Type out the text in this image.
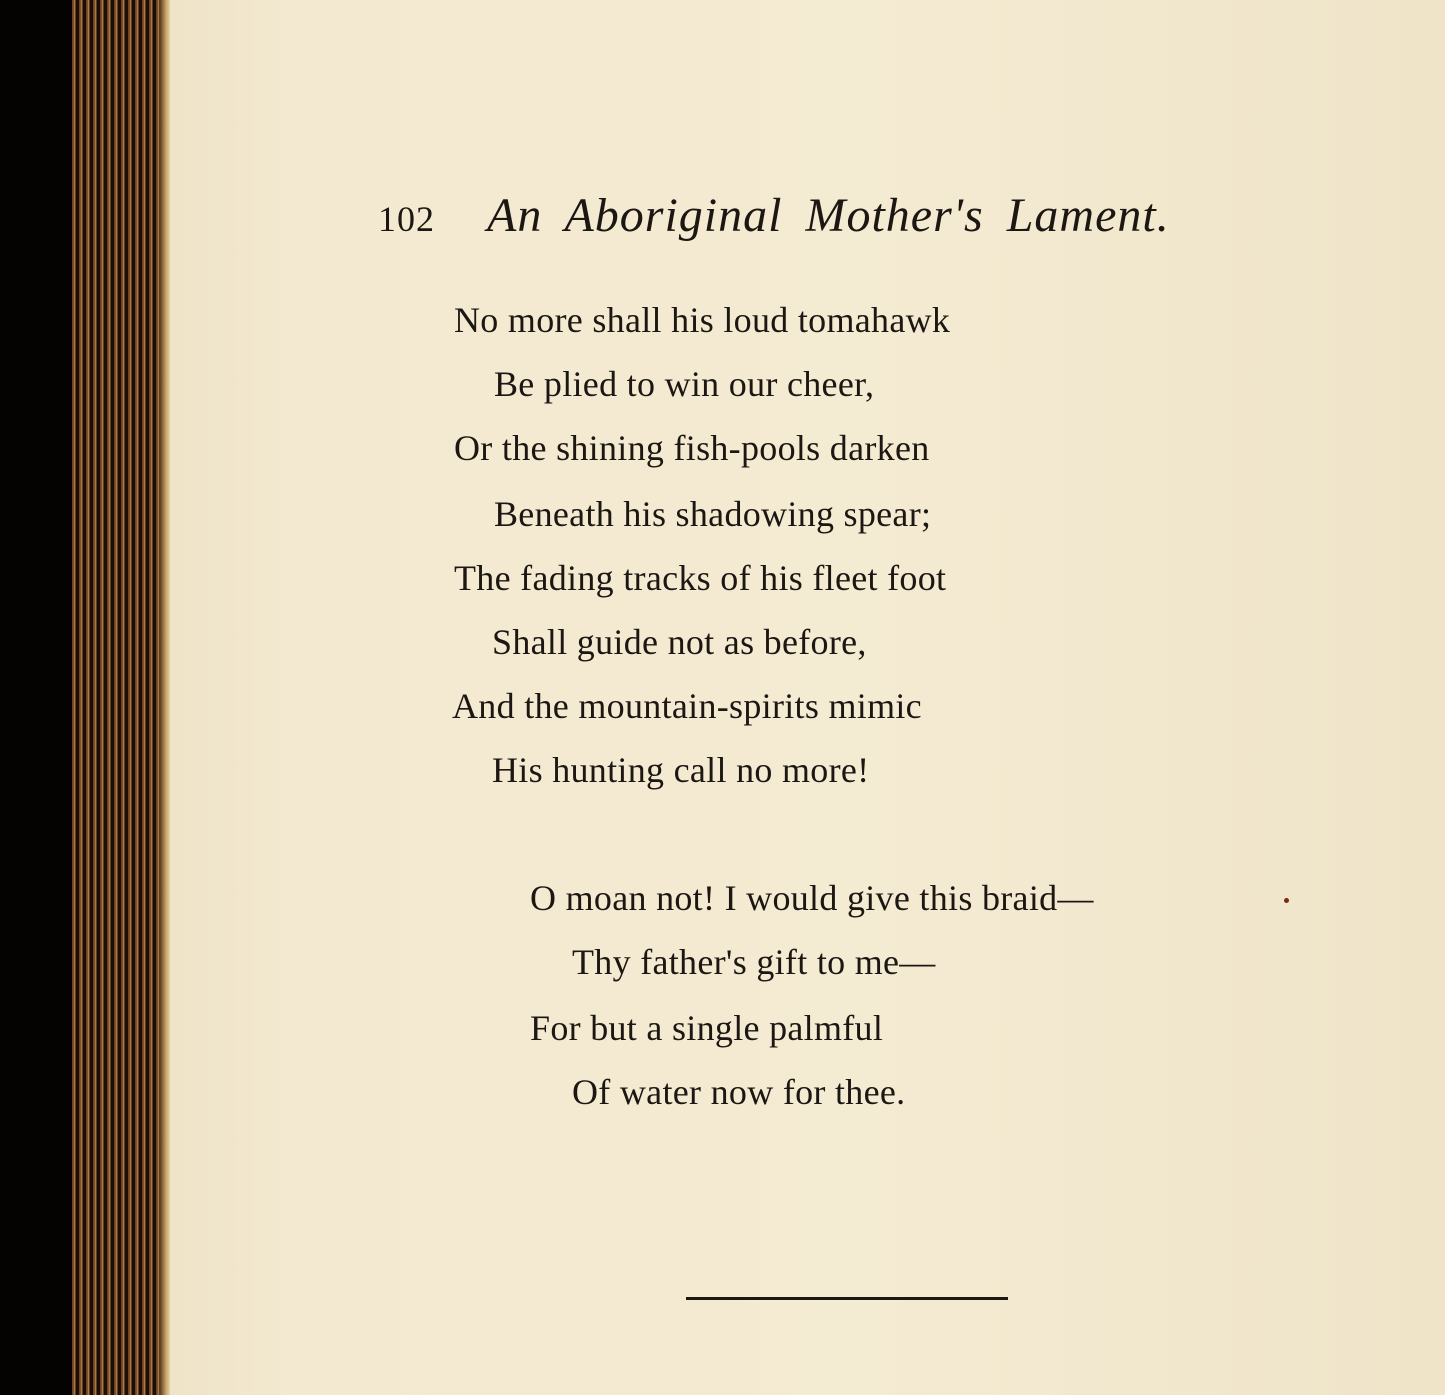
102 An Aboriginal Mother's Lament.
No more shall his loud tomahawk
Be plied to win our cheer,
Or the shining fish-pools darken
Beneath his shadowing spear;
The fading tracks of his fleet foot
Shall guide not as before,
And the mountain-spirits mimic
His hunting call no more!
O moan not! I would give this braid—
Thy father's gift to me—
For but a single palmful
Of water now for thee.
